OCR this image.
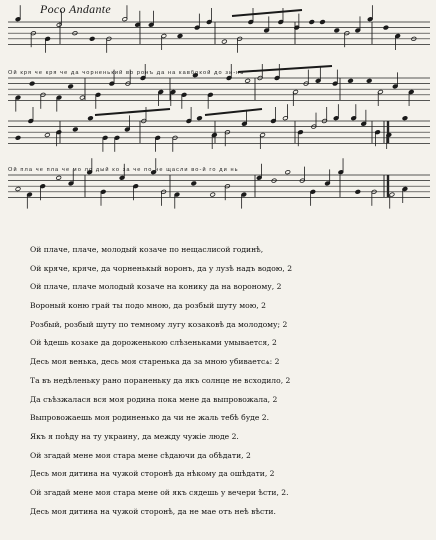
Poco Andante
Ой кря че кря че да чорненький во ронъ да на кавбокой до зи-нь
Ой пла че пла че мо ло дый ко за че по не щасли во-й го ди нь
Ой плаче, плаче, молодый козаче по нещаслисой годинѣ,
Ой кряче, кряче, да чорненькый воронъ, да у лузѣ надъ водою, 2
Ой плаче, плаче молодый козаче на конику да на вороному, 2
Вороный коню грай ты подо мною, да розбый шуту мою, 2
Розбый, розбый шуту по темному лугу козаковѣ да молодому; 2
Ой ѣдешь козаке да дороженькою слѣзеньками умывается, 2
Десь моя венька, десь моя старенька да за мною убиваетсѧ: 2
Та въ недѣленьку рано пораненьку да якъ солнце не всходило, 2
Да съѣзжалася вся моя родина пока мене да выпровожала, 2
Выпровожаешь моя родиненько да чи не жаль тебѣ буде 2.
Якъ я поѣду на ту украину, да между чужіе люде 2.
Ой згадай мене моя стара мене сѣдаючи да обѣдати, 2
Десь моя дитина на чужой сторонѣ да нѣкому да ошѣдати, 2
Ой згадай мене моя стара мене ой якъ сядешь у вечери ѣсти, 2.
Десь моя дитина на чужой сторонѣ, да не мае отъ неѣ вѣсти.
